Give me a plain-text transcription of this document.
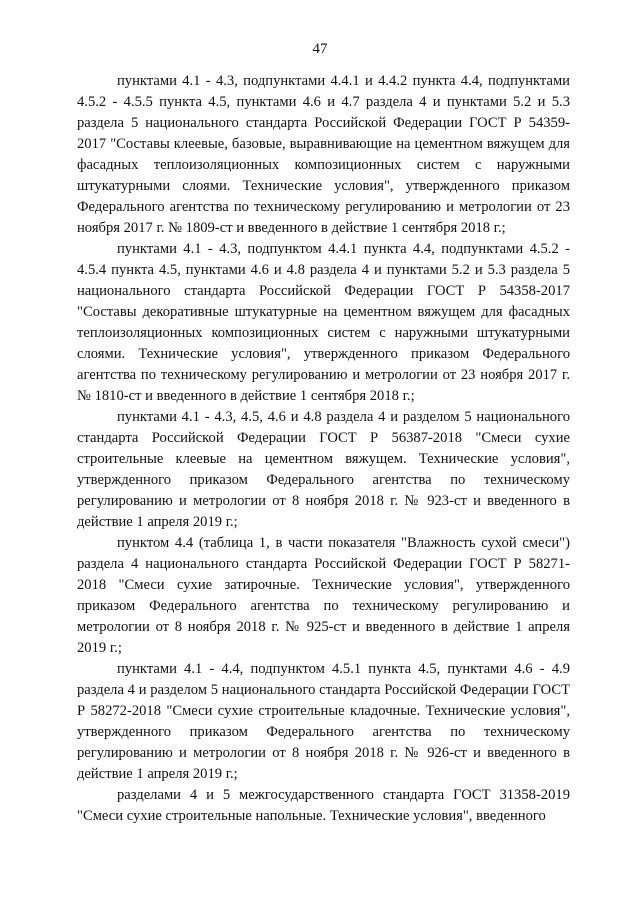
47

пунктами 4.1 - 4.3, подпунктами 4.4.1 и 4.4.2 пункта 4.4, подпунктами 4.5.2 - 4.5.5 пункта 4.5, пунктами 4.6 и 4.7 раздела 4 и пунктами 5.2 и 5.3 раздела 5 национального стандарта Российской Федерации ГОСТ Р 54359-2017 "Составы клеевые, базовые, выравнивающие на цементном вяжущем для фасадных теплоизоляционных композиционных систем с наружными штукатурными слоями. Технические условия", утвержденного приказом Федерального агентства по техническому регулированию и метрологии от 23 ноября 2017 г. № 1809-ст и введенного в действие 1 сентября 2018 г.;

пунктами 4.1 - 4.3, подпунктом 4.4.1 пункта 4.4, подпунктами 4.5.2 - 4.5.4 пункта 4.5, пунктами 4.6 и 4.8 раздела 4 и пунктами 5.2 и 5.3 раздела 5 национального стандарта Российской Федерации ГОСТ Р 54358-2017 "Составы декоративные штукатурные на цементном вяжущем для фасадных теплоизоляционных композиционных систем с наружными штукатурными слоями. Технические условия", утвержденного приказом Федерального агентства по техническому регулированию и метрологии от 23 ноября 2017 г. № 1810-ст и введенного в действие 1 сентября 2018 г.;

пунктами 4.1 - 4.3, 4.5, 4.6 и 4.8 раздела 4 и разделом 5 национального стандарта Российской Федерации ГОСТ Р 56387-2018 "Смеси сухие строительные клеевые на цементном вяжущем. Технические условия", утвержденного приказом Федерального агентства по техническому регулированию и метрологии от 8 ноября 2018 г. № 923-ст и введенного в действие 1 апреля 2019 г.;

пунктом 4.4 (таблица 1, в части показателя "Влажность сухой смеси") раздела 4 национального стандарта Российской Федерации ГОСТ Р 58271-2018 "Смеси сухие затирочные. Технические условия", утвержденного приказом Федерального агентства по техническому регулированию и метрологии от 8 ноября 2018 г. № 925-ст и введенного в действие 1 апреля 2019 г.;

пунктами 4.1 - 4.4, подпунктом 4.5.1 пункта 4.5, пунктами 4.6 - 4.9 раздела 4 и разделом 5 национального стандарта Российской Федерации ГОСТ Р 58272-2018 "Смеси сухие строительные кладочные. Технические условия", утвержденного приказом Федерального агентства по техническому регулированию и метрологии от 8 ноября 2018 г. № 926-ст и введенного в действие 1 апреля 2019 г.;

разделами 4 и 5 межгосударственного стандарта ГОСТ 31358-2019 "Смеси сухие строительные напольные. Технические условия", введенного
